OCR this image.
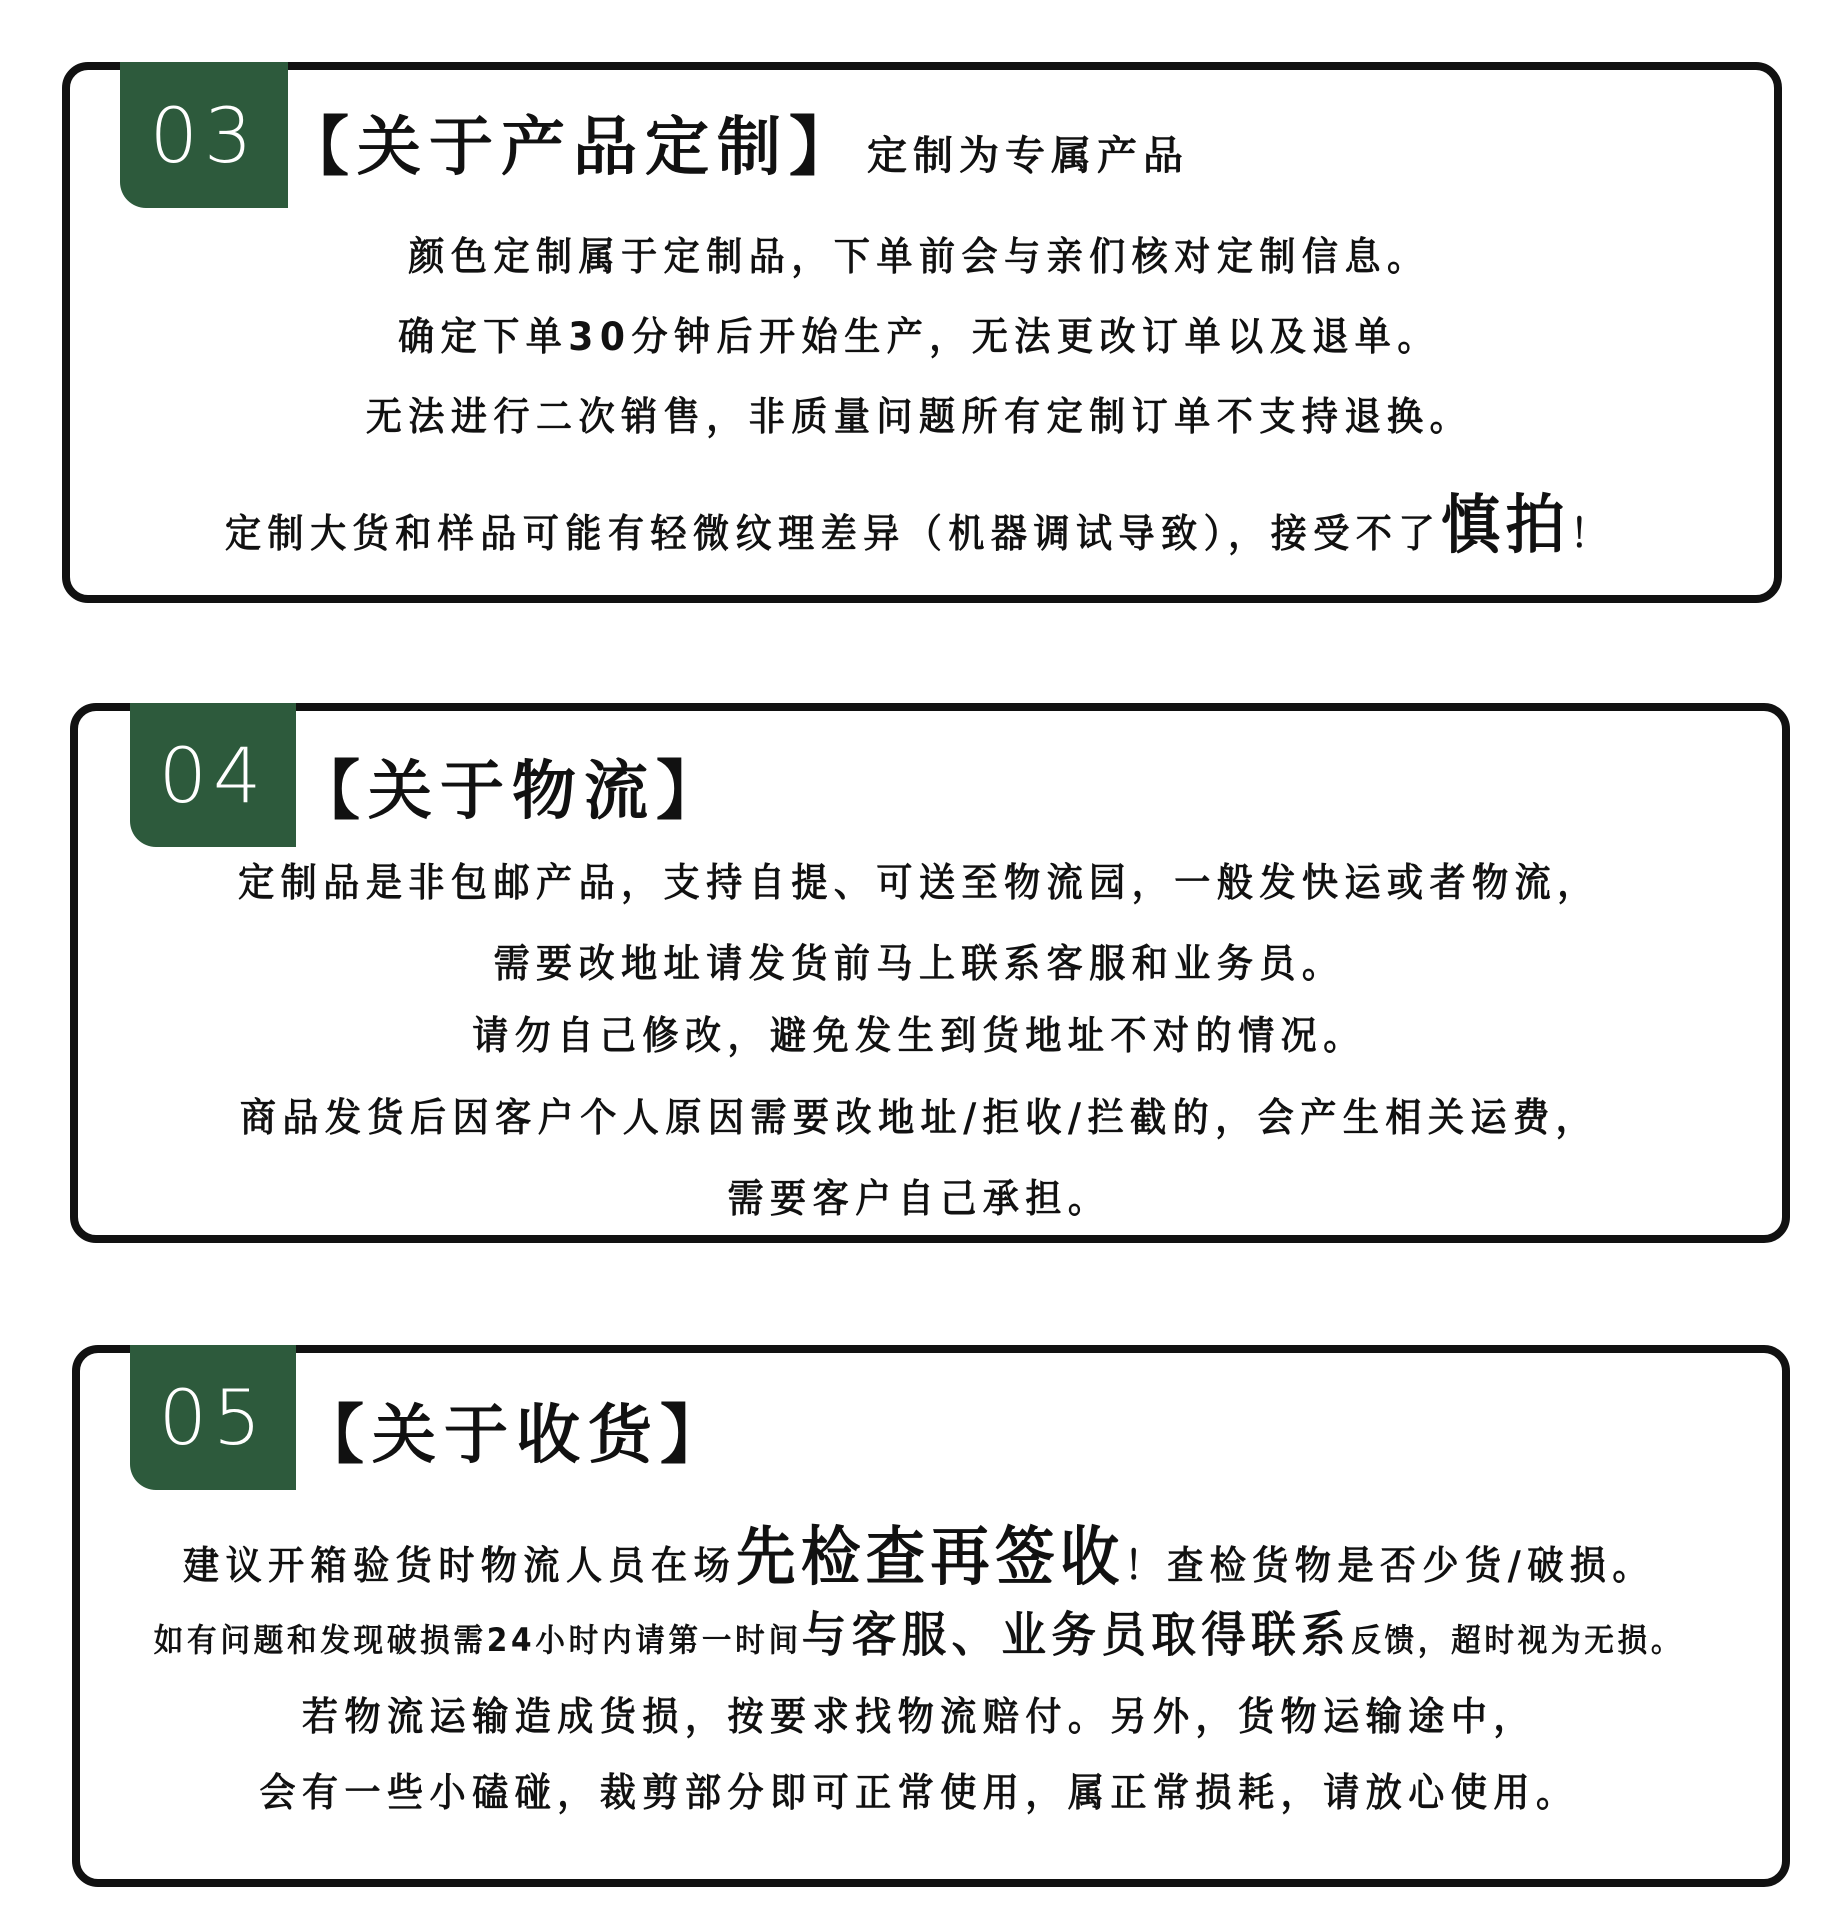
03 【关于产品定制】 定制为专属产品
颜色定制属于定制品，下单前会与亲们核对定制信息。
确定下单30分钟后开始生产，无法更改订单以及退单。
无法进行二次销售，非质量问题所有定制订单不支持退换。
定制大货和样品可能有轻微纹理差异（机器调试导致），接受不了慎拍！
04 【关于物流】
定制品是非包邮产品，支持自提、可送至物流园，一般发快运或者物流，
需要改地址请发货前马上联系客服和业务员。
请勿自己修改，避免发生到货地址不对的情况。
商品发货后因客户个人原因需要改地址/拒收/拦截的，会产生相关运费，
需要客户自己承担。
05 【关于收货】
建议开箱验货时物流人员在场先检查再签收！查检货物是否少货/破损。
如有问题和发现破损需24小时内请第一时间与客服、业务员取得联系反馈，超时视为无损。
若物流运输造成货损，按要求找物流赔付。另外，货物运输途中，
会有一些小磕碰，裁剪部分即可正常使用，属正常损耗，请放心使用。
